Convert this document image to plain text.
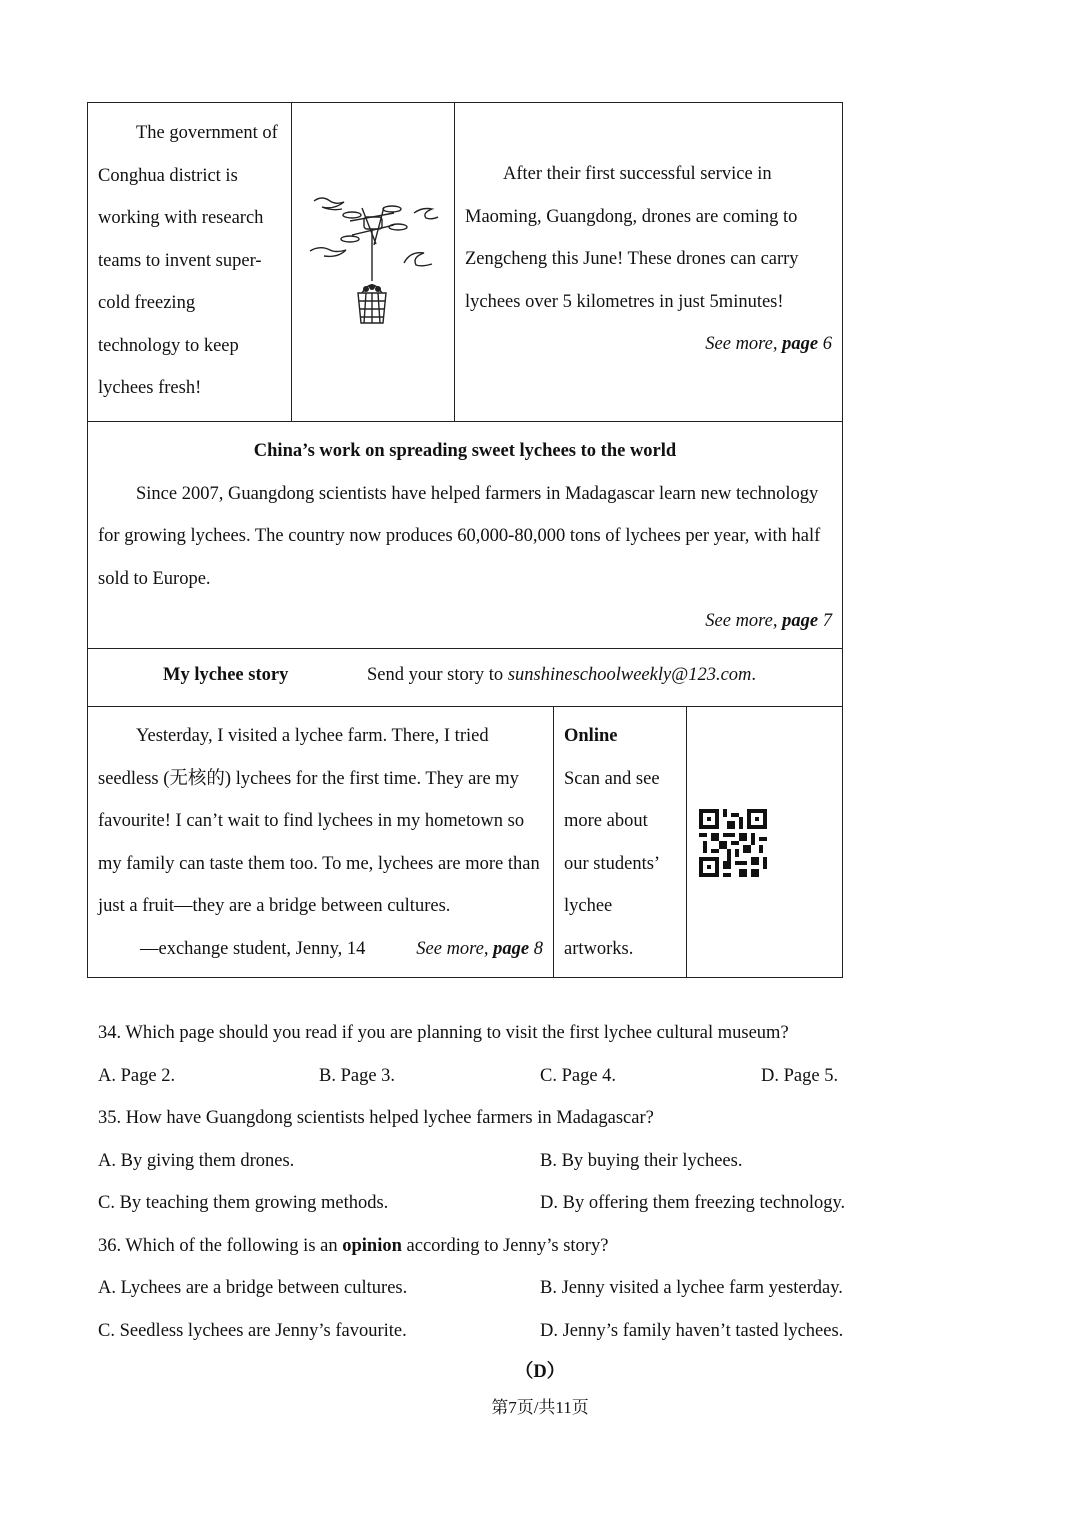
The government of Conghua district is working with research teams to invent super-cold freezing technology to keep lychees fresh!

After their first successful service in Maoming, Guangdong, drones are coming to Zengcheng this June! These drones can carry lychees over 5 kilometres in just 5minutes!
See more, page 6

China’s work on spreading sweet lychees to the world
Since 2007, Guangdong scientists have helped farmers in Madagascar learn new technology for growing lychees. The country now produces 60,000-80,000 tons of lychees per year, with half sold to Europe.
See more, page 7

My lychee story	Send your story to sunshineschoolweekly@123.com.

Yesterday, I visited a lychee farm. There, I tried seedless (无核的) lychees for the first time. They are my favourite! I can’t wait to find lychees in my hometown so my family can taste them too. To me, lychees are more than just a fruit—they are a bridge between cultures.
—exchange student, Jenny, 14	See more, page 8

Online
Scan and see more about our students’ lychee artworks.

34. Which page should you read if you are planning to visit the first lychee cultural museum?
A. Page 2.	B. Page 3.	C. Page 4.	D. Page 5.
35. How have Guangdong scientists helped lychee farmers in Madagascar?
A. By giving them drones.	B. By buying their lychees.
C. By teaching them growing methods.	D. By offering them freezing technology.
36. Which of the following is an opinion according to Jenny’s story?
A. Lychees are a bridge between cultures.	B. Jenny visited a lychee farm yesterday.
C. Seedless lychees are Jenny’s favourite.	D. Jenny’s family haven’t tasted lychees.
（D）
第7页/共11页
